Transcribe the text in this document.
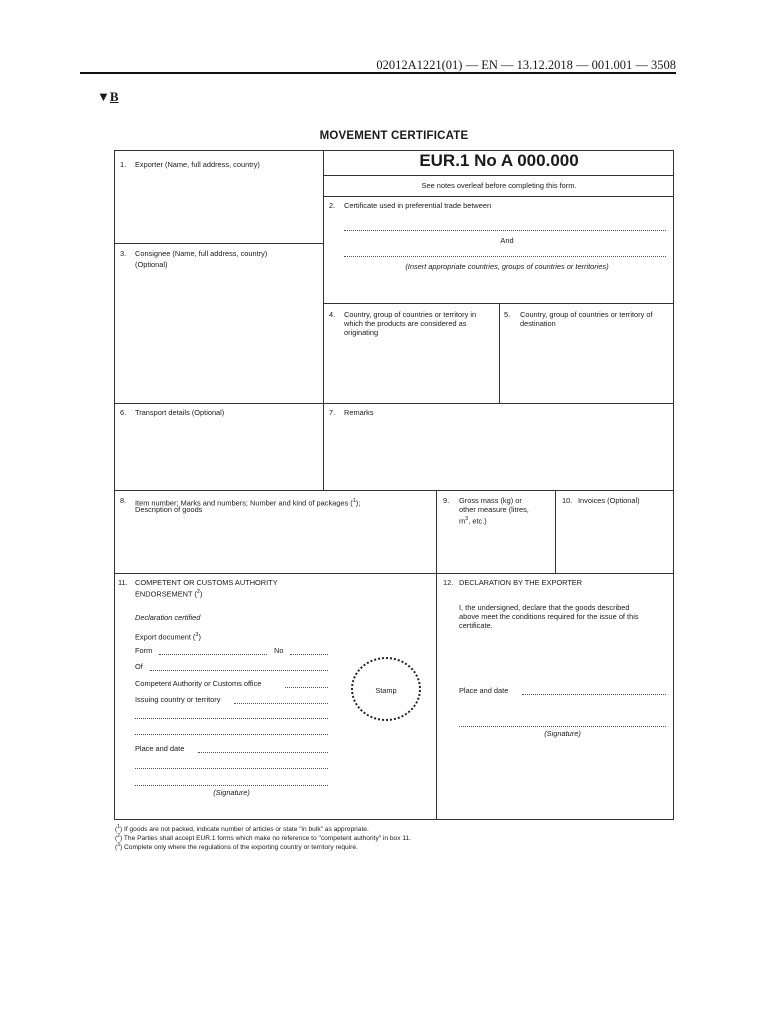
02012A1221(01) — EN — 13.12.2018 — 001.001 — 3508
▼B
MOVEMENT CERTIFICATE
EUR.1 No A 000.000
See notes overleaf before completing this form.
1. Exporter (Name, full address, country)
2. Certificate used in preferential trade between
And
(Insert appropriate countries, groups of countries or territories)
3. Consignee (Name, full address, country)
(Optional)
4. Country, group of countries or territory in
which the products are considered as
originating
5. Country, group of countries or territory of
destination
6. Transport details (Optional)	7. Remarks
8. Item number; Marks and numbers; Number and kind of packages ($^1$);
Description of goods
9. Gross mass (kg) or
other measure (litres,
$m^3$, etc.)
10. Invoices (Optional)
11. COMPETENT OR CUSTOMS AUTHORITY
ENDORSEMENT ($^2$)
Declaration certified
Export document ($^3$)
Form	No
Of
Competent Authority or Customs office
Issuing country or territory
Place and date
(Signature)
Stamp
12. DECLARATION BY THE EXPORTER
I, the undersigned, declare that the goods described
above meet the conditions required for the issue of this
certificate.
Place and date
(Signature)
($^1$) If goods are not packed, indicate number of articles or state "in bulk" as appropriate.
($^2$) The Parties shall accept EUR.1 forms which make no reference to "competent authority" in box 11.
($^3$) Complete only where the regulations of the exporting country or territory require.
